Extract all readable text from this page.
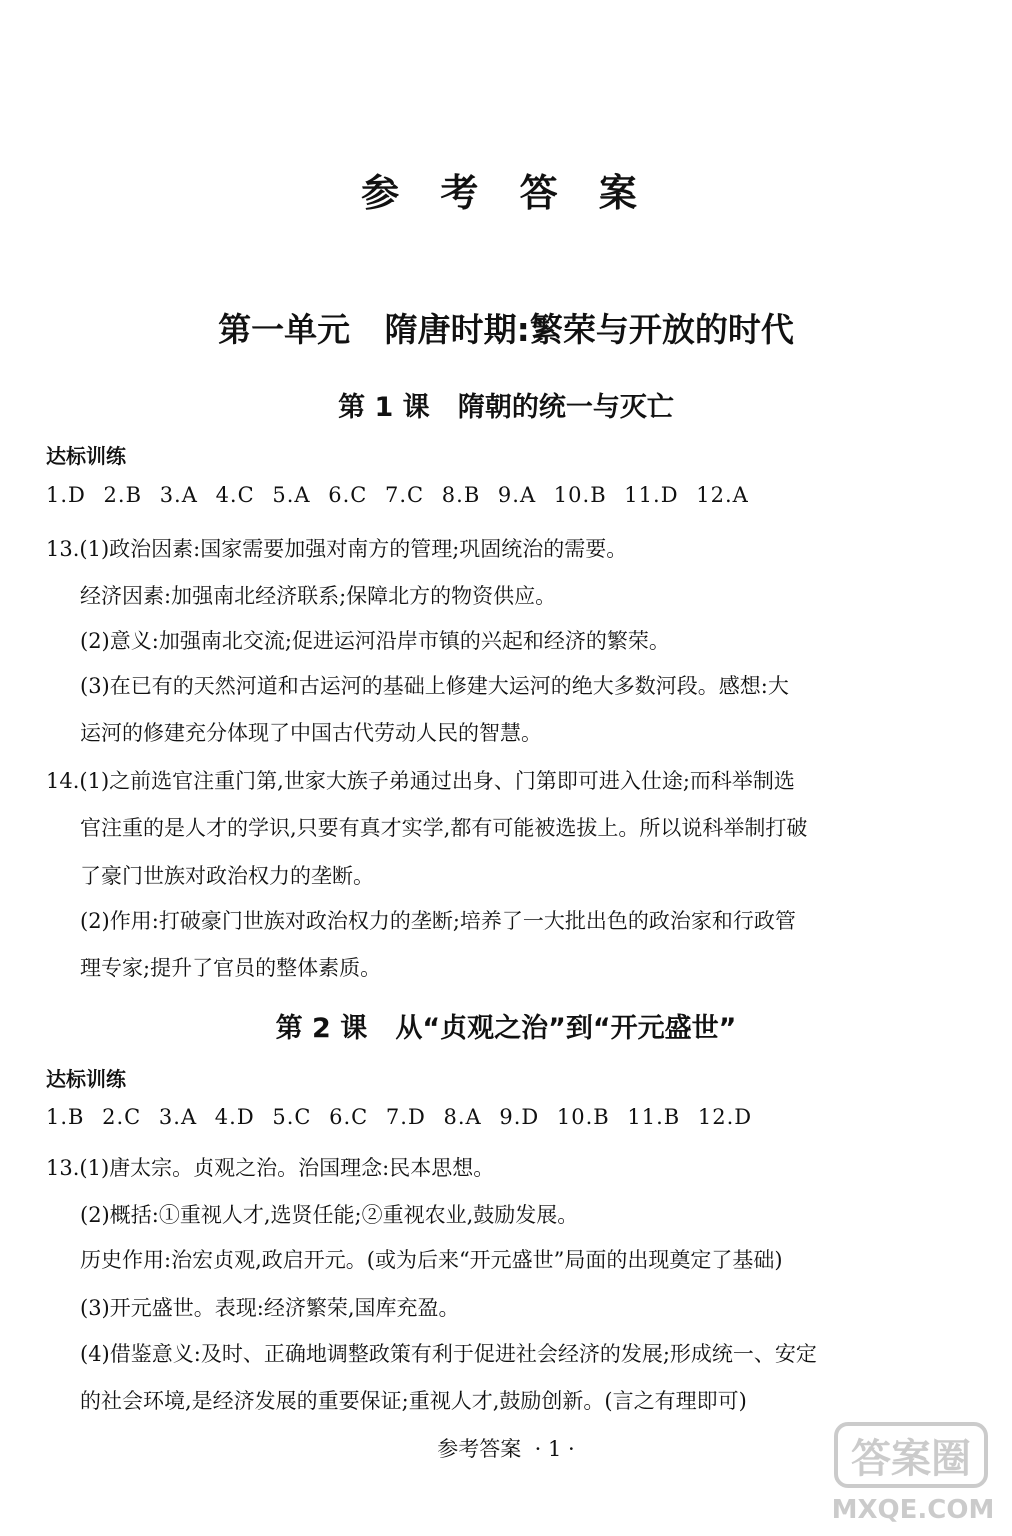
参 考 答 案
第一单元   隋唐时期:繁荣与开放的时代
第 1 课   隋朝的统一与灭亡
达标训练
1.D 2.B 3.A 4.C 5.A 6.C 7.C 8.B 9.A 10.B 11.D 12.A
13.(1)政治因素:国家需要加强对南方的管理;巩固统治的需要。
经济因素:加强南北经济联系;保障北方的物资供应。
(2)意义:加强南北交流;促进运河沿岸市镇的兴起和经济的繁荣。
(3)在已有的天然河道和古运河的基础上修建大运河的绝大多数河段。感想:大
运河的修建充分体现了中国古代劳动人民的智慧。
14.(1)之前选官注重门第,世家大族子弟通过出身、门第即可进入仕途;而科举制选
官注重的是人才的学识,只要有真才实学,都有可能被选拔上。所以说科举制打破
了豪门世族对政治权力的垄断。
(2)作用:打破豪门世族对政治权力的垄断;培养了一大批出色的政治家和行政管
理专家;提升了官员的整体素质。
第 2 课   从“贞观之治”到“开元盛世”
达标训练
1.B 2.C 3.A 4.D 5.C 6.C 7.D 8.A 9.D 10.B 11.B 12.D
13.(1)唐太宗。贞观之治。治国理念:民本思想。
(2)概括:①重视人才,选贤任能;②重视农业,鼓励发展。
历史作用:治宏贞观,政启开元。(或为后来“开元盛世”局面的出现奠定了基础)
(3)开元盛世。表现:经济繁荣,国库充盈。
(4)借鉴意义:及时、正确地调整政策有利于促进社会经济的发展;形成统一、安定
的社会环境,是经济发展的重要保证;重视人才,鼓励创新。(言之有理即可)
参考答案  · 1 ·	答案圈
MXQE.COM
